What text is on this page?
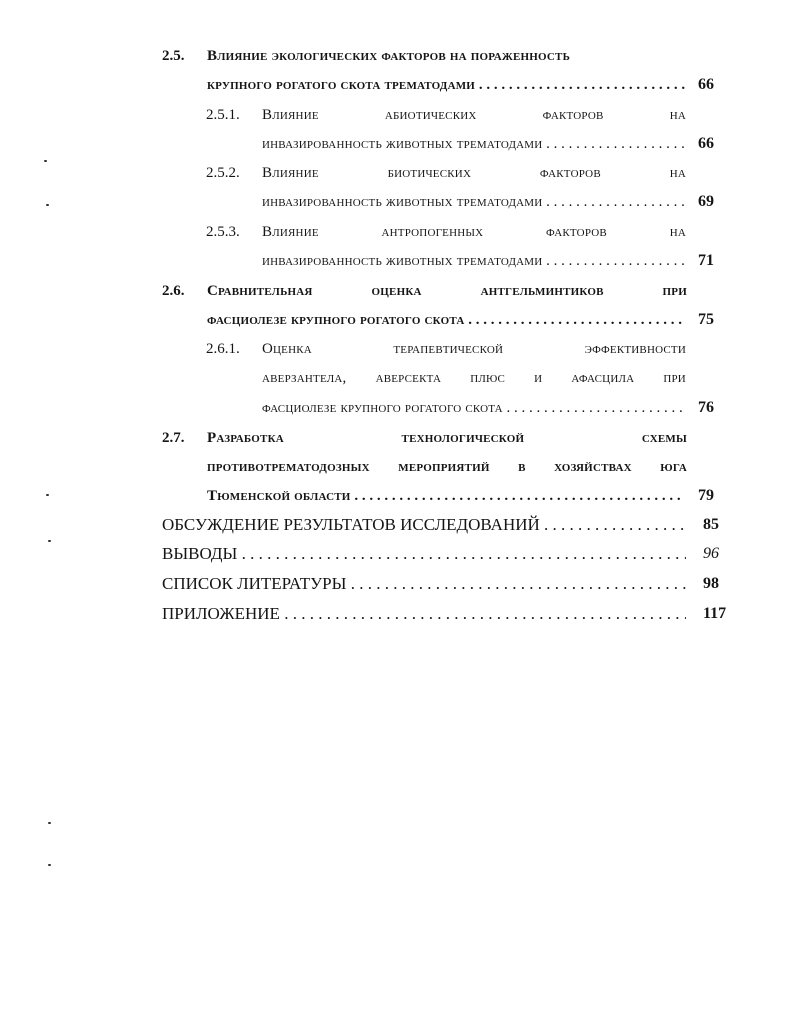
2.5. Влияние экологических факторов на пораженность
крупного рогатого скота трематодами . . .	66
2.5.1. Влияние	абиотических	факторов	на
инвазированность животных трематодами . . .	66
2.5.2. Влияние	биотических	факторов	на
инвазированность животных трематодами . . .	69
2.5.3. Влияние	антропогенных	факторов	на
инвазированность животных трематодами . . .	71
2.6. Сравнительная	оценка	антгельминтиков	при
фасциолезе крупного рогатого скота . . .	75
2.6.1. Оценка	терапевтической	эффективности
аверзантела, аверсекта плюс и афасцила при
фасциолезе крупного рогатого скота . . .	76
2.7. Разработка	технологической	схемы
противотрематодозных мероприятий в хозяйствах юга
Тюменской области . . .	79
ОБСУЖДЕНИЕ РЕЗУЛЬТАТОВ ИССЛЕДОВАНИЙ . . .	85
ВЫВОДЫ . . .	96
СПИСОК ЛИТЕРАТУРЫ . . .	98
ПРИЛОЖЕНИЕ . . .	117
